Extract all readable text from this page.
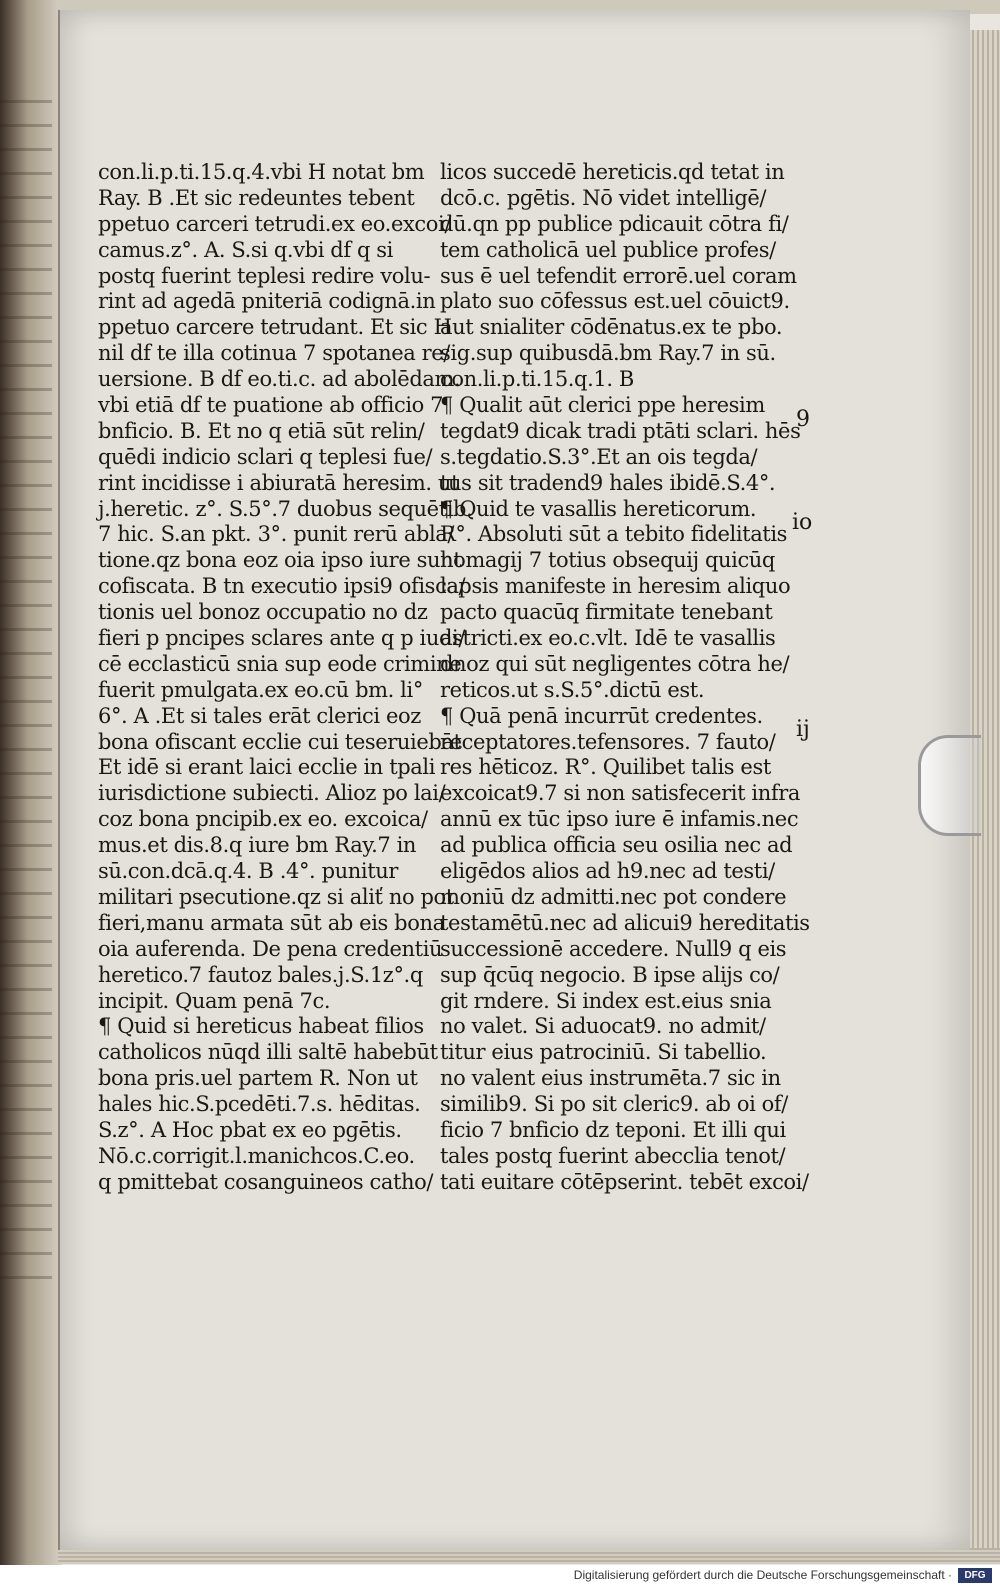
con.li.p.ti.15.q.4.vbi H notat bm
Ray. B .Et sic redeuntes tebent
ppetuo carceri tetrudi.ex eo.excoi/
camus.z°. A. S.si q.vbi df q si
postq fuerint teplesi redire volu-
rint ad agedā pniteriā codignā.in
ppetuo carcere tetrudant. Et sic H
nil df te illa cotinua 7 spotanea re/
uersione. B df eo.ti.c. ad abolēdam.
vbi etiā df te puatione ab officio 7
bnficio. B. Et no q etiā sūt relin/
quēdi indicio sclari q teplesi fue/
rint incidisse i abiuratā heresim. ut
j.heretic. z°. S.5°.7 duobus sequētib.
7 hic. S.an pkt. 3°. punit rerū abla/
tione.qz bona eoz oia ipso iure sunt
cofiscata. B tn executio ipsi9 ofisca/
tionis uel bonoz occupatio no dz
fieri p pncipes sclares ante q p iudi/
cē ecclasticū snia sup eode crimine
fuerit pmulgata.ex eo.cū bm. li°
6°. A .Et si tales erāt clerici eoz
bona ofiscant ecclie cui teseruiebāt
Et idē si erant laici ecclie in tpali
iurisdictione subiecti. Alioz po lai/
coz bona pncipib.ex eo. excoica/
mus.et dis.8.q iure bm Ray.7 in
sū.con.dcā.q.4. B .4°. punitur
militari psecutione.qz si aliť no pot
fieri,manu armata sūt ab eis bona
oia auferenda. De pena credentiū
heretico.7 fautoz bales.j.S.1z°.q
incipit. Quam penā 7c.
¶ Quid si hereticus habeat filios
catholicos nūqd illi saltē habebūt
bona pris.uel partem R. Non ut
hales hic.S.pcedēti.7.s. hēditas.
S.z°. A Hoc pbat ex eo pgētis.
Nō.c.corrigit.l.manichcos.C.eo.
q pmittebat cosanguineos catho/
licos succedē hereticis.qd tetat in
dcō.c. pgētis. Nō videt intelligē/
dū.qn pp publice pdicauit cōtra fi/
tem catholicā uel publice profes/
sus ē uel tefendit errorē.uel coram
plato suo cōfessus est.uel cōuict9.
aut snialiter cōdēnatus.ex te pbo.
sig.sup quibusdā.bm Ray.7 in sū.
con.li.p.ti.15.q.1. B
¶ Qualit aūt clerici ppe heresim
tegdat9 dicak tradi ptāti sclari. hēs
s.tegdatio.S.3°.Et an ois tegda/
tus sit tradend9 hales ibidē.S.4°.
¶ Quid te vasallis hereticorum.
R°. Absoluti sūt a tebito fidelitatis
homagij 7 totius obsequij quicūq
lapsis manifeste in heresim aliquo
pacto quacūq firmitate tenebant
astricti.ex eo.c.vlt. Idē te vasallis
dnoz qui sūt negligentes cōtra he/
reticos.ut s.S.5°.dictū est.
¶ Quā penā incurrūt credentes.
receptatores.tefensores. 7 fauto/
res hēticoz. R°. Quilibet talis est
excoicat9.7 si non satisfecerit infra
annū ex tūc ipso iure ē infamis.nec
ad publica officia seu osilia nec ad
eligēdos alios ad h9.nec ad testi/
moniū dz admitti.nec pot condere
testamētū.nec ad alicui9 hereditatis
successionē accedere. Null9 q eis
sup q̄cūq negocio. B ipse alijs co/
git rndere. Si index est.eius snia
no valet. Si aduocat9. no admit/
titur eius patrociniū. Si tabellio.
no valent eius instrumēta.7 sic in
similib9. Si po sit cleric9. ab oi of/
ficio 7 bnficio dz teponi. Et illi qui
tales postq fuerint abecclia tenot/
tati euitare cōtēpserint. tebēt excoi/
9
io
ij
Digitalisierung gefördert durch die Deutsche Forschungsgemeinschaft ·	DFG
